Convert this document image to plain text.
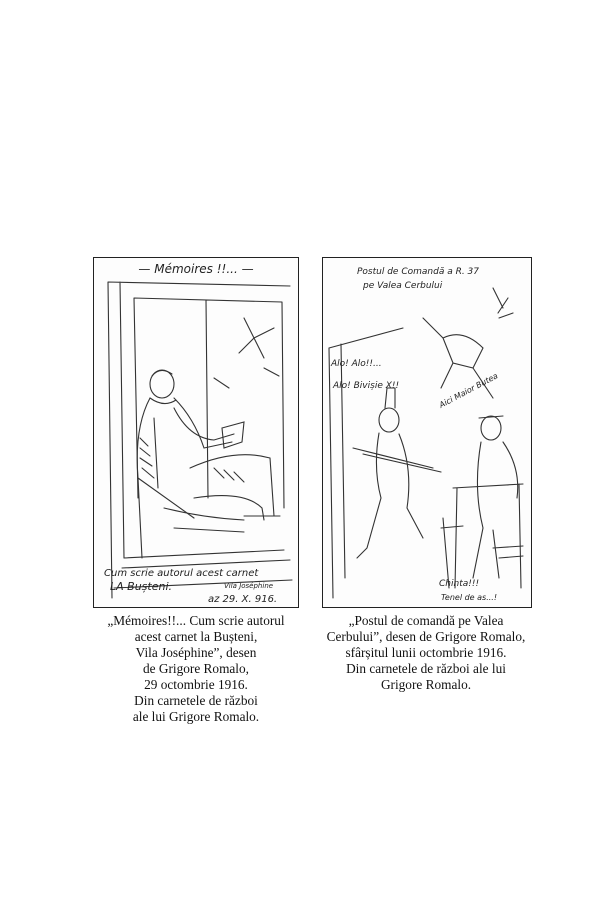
— Mémoires !!... —
Cum scrie autorul acest carnet
LA Bușteni.	Vila Joséphine
az 29. X. 916.
Postul de Comandă a R. 37
pe Valea Cerbului
Alo! Alo!!...
Alo! Bivișie X!!	Aici Maior Butea
Chinta!!!
Tenel de as...!
„Mémoires!!... Cum scrie autorul
acest carnet la Bușteni,
Vila Joséphine”, desen
de Grigore Romalo,
29 octombrie 1916.
Din carnetele de război
ale lui Grigore Romalo.
„Postul de comandă pe Valea
Cerbului”, desen de Grigore Romalo,
sfârșitul lunii octombrie 1916.
Din carnetele de război ale lui
Grigore Romalo.
